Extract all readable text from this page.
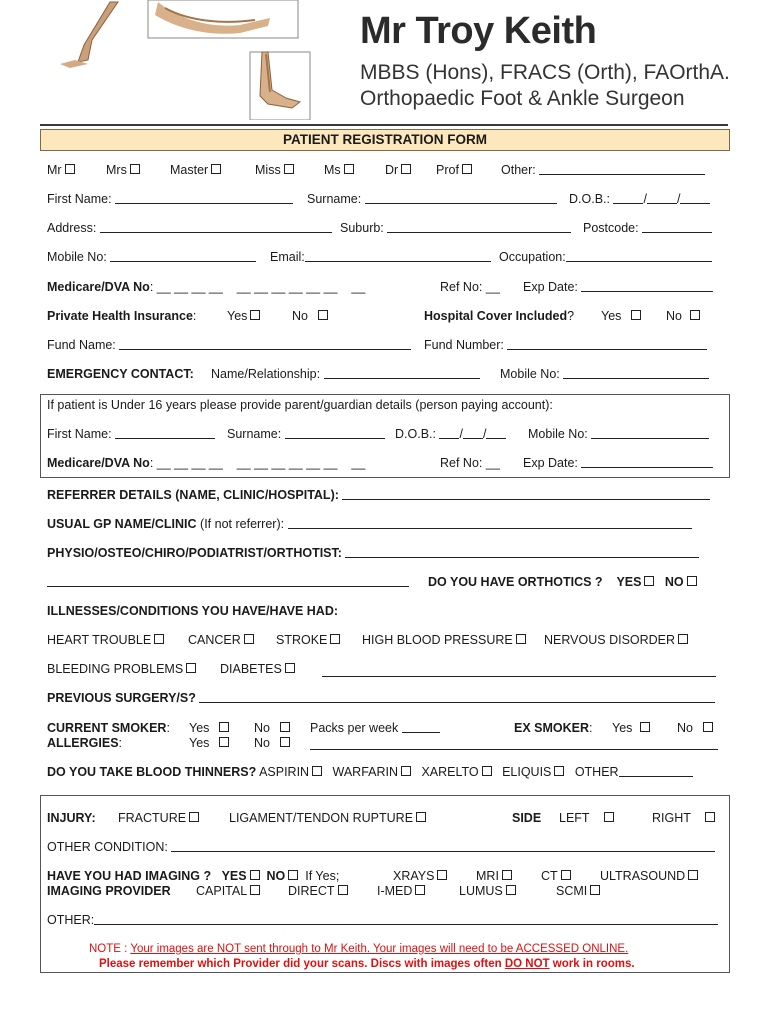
Mr Troy Keith
MBBS (Hons), FRACS (Orth), FAOrthA.
Orthopaedic Foot & Ankle Surgeon
PATIENT REGISTRATION FORM
Mr	Mrs	Master	Miss	Ms	Dr	Prof	Other:
First Name:	Surname:	D.O.B.:	/ /
Address:	Suburb:	Postcode:
Mobile No:	Email:	Occupation:
Medicare/DVA No: __ __ __ __    __ __ __ __ __ __    __	Ref No: __ Exp Date:
Private Health Insurance: Yes	No	Hospital Cover Included? Yes	No
Fund Name:	Fund Number:
EMERGENCY CONTACT: Name/Relationship:	Mobile No:
If patient is Under 16 years please provide parent/guardian details (person paying account):
First Name:	Surname:	D.O.B.: / /	Mobile No:
Medicare/DVA No: __ __ __ __    __ __ __ __ __ __    __	Ref No: __ Exp Date:
REFERRER DETAILS (NAME, CLINIC/HOSPITAL):
USUAL GP NAME/CLINIC (If not referrer):
PHYSIO/OSTEO/CHIRO/PODIATRIST/ORTHOTIST:
DO YOU HAVE ORTHOTICS ? YES NO
ILLNESSES/CONDITIONS YOU HAVE/HAVE HAD:
HEART TROUBLE	CANCER	STROKE	HIGH BLOOD PRESSURE	NERVOUS DISORDER
BLEEDING PROBLEMS	DIABETES
PREVIOUS SURGERY/S?
CURRENT SMOKER: Yes	No	Packs per week	EX SMOKER: Yes	No
ALLERGIES:	Yes	No
DO YOU TAKE BLOOD THINNERS? ASPIRIN WARFARIN XARELTO ELIQUIS OTHER
INJURY: FRACTURE	LIGAMENT/TENDON RUPTURE	SIDE LEFT	RIGHT
OTHER CONDITION:
HAVE YOU HAD IMAGING ? YES NO If Yes;	XRAYS	MRI	CT	ULTRASOUND
IMAGING PROVIDER CAPITAL	DIRECT	I-MED	LUMUS	SCMI
OTHER:
NOTE : Your images are NOT sent through to Mr Keith. Your images will need to be ACCESSED ONLINE.
Please remember which Provider did your scans. Discs with images often DO NOT work in rooms.
